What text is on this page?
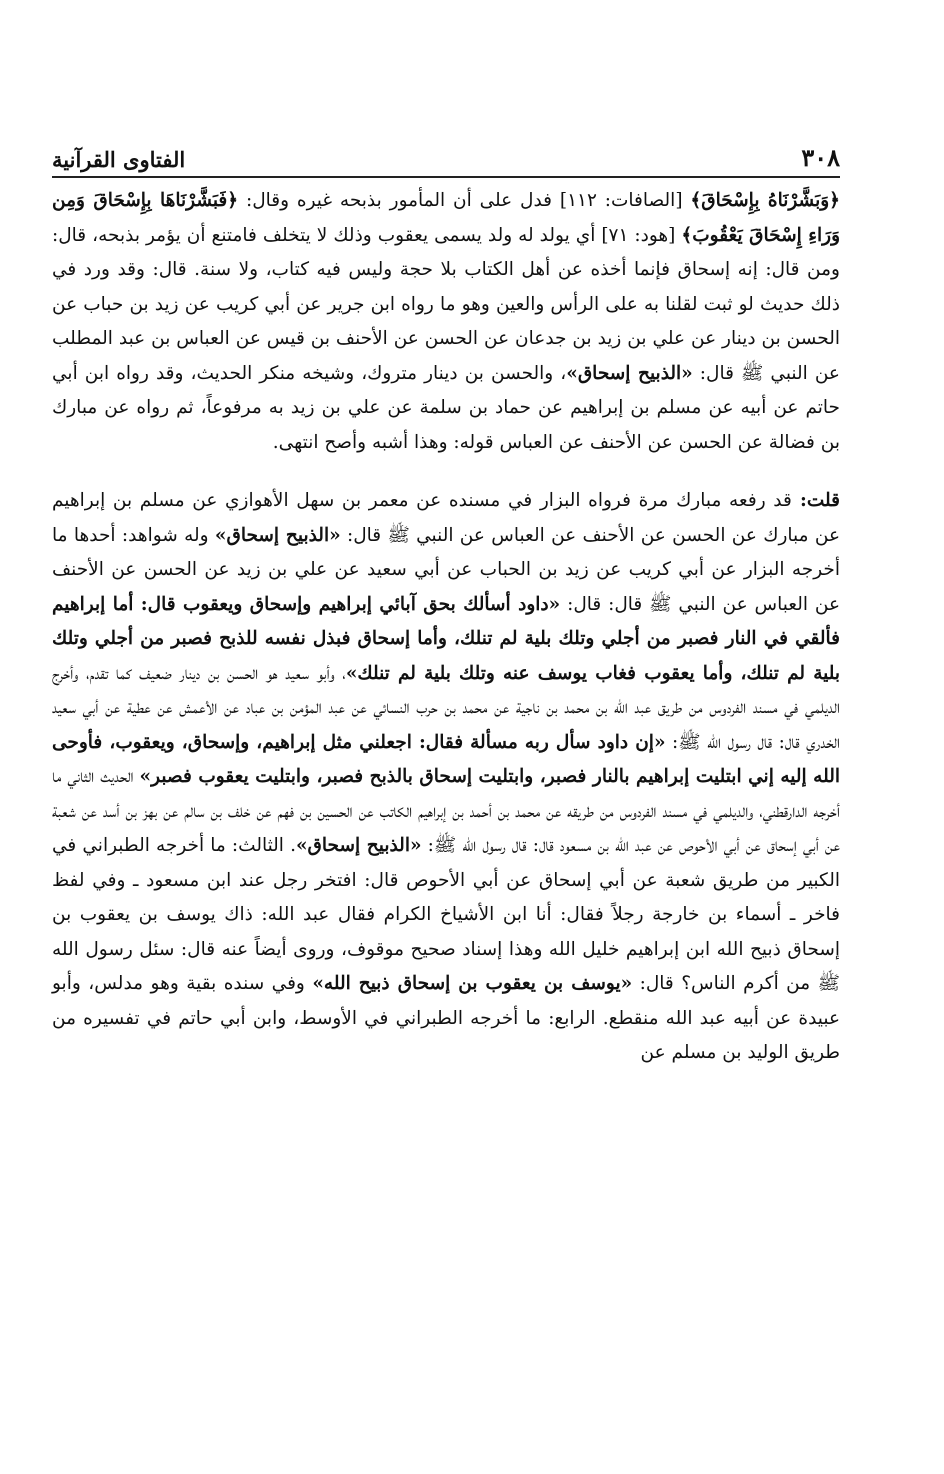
٣٠٨
الفتاوى القرآنية

﴿وَبَشَّرْنَاهُ بِإِسْحَاقَ﴾ [الصافات: ١١٢] فدل على أن المأمور بذبحه غيره وقال: ﴿فَبَشَّرْنَاهَا بِإِسْحَاقَ وَمِن وَرَاءِ إِسْحَاقَ يَعْقُوبَ﴾ [هود: ٧١] أي يولد له ولد يسمى يعقوب وذلك لا يتخلف فامتنع أن يؤمر بذبحه، قال: ومن قال: إنه إسحاق فإنما أخذه عن أهل الكتاب بلا حجة وليس فيه كتاب، ولا سنة. قال: وقد ورد في ذلك حديث لو ثبت لقلنا به على الرأس والعين وهو ما رواه ابن جرير عن أبي كريب عن زيد بن حباب عن الحسن بن دينار عن علي بن زيد بن جدعان عن الحسن عن الأحنف بن قيس عن العباس بن عبد المطلب عن النبي ﷺ قال: «الذبيح إسحاق»، والحسن بن دينار متروك، وشيخه منكر الحديث، وقد رواه ابن أبي حاتم عن أبيه عن مسلم بن إبراهيم عن حماد بن سلمة عن علي بن زيد به مرفوعاً، ثم رواه عن مبارك بن فضالة عن الحسن عن الأحنف عن العباس قوله: وهذا أشبه وأصح انتهى.

قلت: قد رفعه مبارك مرة فرواه البزار في مسنده عن معمر بن سهل الأهوازي عن مسلم بن إبراهيم عن مبارك عن الحسن عن الأحنف عن العباس عن النبي ﷺ قال: «الذبيح إسحاق» وله شواهد: أحدها ما أخرجه البزار عن أبي كريب عن زيد بن الحباب عن أبي سعيد عن علي بن زيد عن الحسن عن الأحنف عن العباس عن النبي ﷺ قال: قال: «داود أسألك بحق آبائي إبراهيم وإسحاق ويعقوب قال: أما إبراهيم فألقي في النار فصبر من أجلي وتلك بلية لم تنلك، وأما إسحاق فبذل نفسه للذبح فصبر من أجلي وتلك بلية لم تنلك، وأما يعقوب فغاب يوسف عنه وتلك بلية لم تنلك»، وأبو سعيد هو الحسن بن دينار ضعيف كما تقدم، وأخرج الديلمي في مسند الفردوس من طريق عبد الله بن محمد بن ناجية عن محمد بن حرب النسائي عن عبد المؤمن بن عباد عن الأعمش عن عطية عن أبي سعيد الخدري قال: قال رسول الله ﷺ: «إن داود سأل ربه مسألة فقال: اجعلني مثل إبراهيم، وإسحاق، ويعقوب، فأوحى الله إليه إني ابتليت إبراهيم بالنار فصبر، وابتليت إسحاق بالذبح فصبر، وابتليت يعقوب فصبر» الحديث الثاني ما أخرجه الدارقطني، والديلمي في مسند الفردوس من طريقه عن محمد بن أحمد بن إبراهيم الكاتب عن الحسين بن فهم عن خلف بن سالم عن بهز بن أسد عن شعبة عن أبي إسحاق عن أبي الأحوص عن عبد الله بن مسعود قال: قال رسول الله ﷺ: «الذبيح إسحاق». الثالث: ما أخرجه الطبراني في الكبير من طريق شعبة عن أبي إسحاق عن أبي الأحوص قال: افتخر رجل عند ابن مسعود ـ وفي لفظ فاخر ـ أسماء بن خارجة رجلاً فقال: أنا ابن الأشياخ الكرام فقال عبد الله: ذاك يوسف بن يعقوب بن إسحاق ذبيح الله ابن إبراهيم خليل الله وهذا إسناد صحيح موقوف، وروى أيضاً عنه قال: سئل رسول الله ﷺ من أكرم الناس؟ قال: «يوسف بن يعقوب بن إسحاق ذبيح الله» وفي سنده بقية وهو مدلس، وأبو عبيدة عن أبيه عبد الله منقطع. الرابع: ما أخرجه الطبراني في الأوسط، وابن أبي حاتم في تفسيره من طريق الوليد بن مسلم عن
